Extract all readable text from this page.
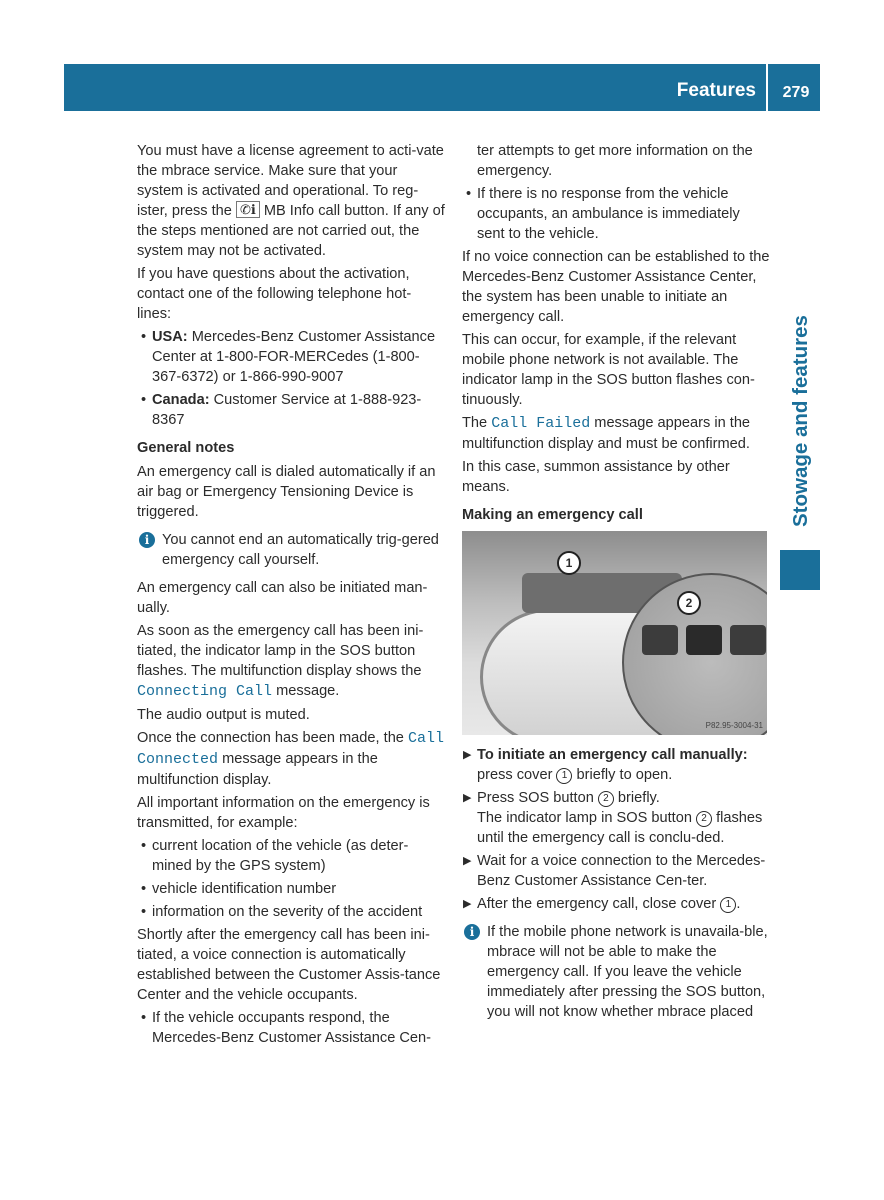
Features	279
Stowage and features

You must have a license agreement to acti-vate the mbrace service. Make sure that your system is activated and operational. To reg-ister, press the ✆ℹ MB Info call button. If any of the steps mentioned are not carried out, the system may not be activated.

If you have questions about the activation, contact one of the following telephone hot-lines:

• USA: Mercedes-Benz Customer Assistance Center at 1-800-FOR-MERCedes (1-800-367-6372) or 1-866-990-9007
• Canada: Customer Service at 1-888-923-8367

General notes

An emergency call is dialed automatically if an air bag or Emergency Tensioning Device is triggered.

i You cannot end an automatically trig-gered emergency call yourself.

An emergency call can also be initiated man-ually.

As soon as the emergency call has been ini-tiated, the indicator lamp in the SOS button flashes. The multifunction display shows the Connecting Call message.

The audio output is muted.

Once the connection has been made, the Call Connected message appears in the multifunction display.

All important information on the emergency is transmitted, for example:

• current location of the vehicle (as deter-mined by the GPS system)
• vehicle identification number
• information on the severity of the accident

Shortly after the emergency call has been ini-tiated, a voice connection is automatically established between the Customer Assis-tance Center and the vehicle occupants.

• If the vehicle occupants respond, the Mercedes-Benz Customer Assistance Cen-

ter attempts to get more information on the emergency.

• If there is no response from the vehicle occupants, an ambulance is immediately sent to the vehicle.

If no voice connection can be established to the Mercedes-Benz Customer Assistance Center, the system has been unable to initiate an emergency call.

This can occur, for example, if the relevant mobile phone network is not available. The indicator lamp in the SOS button flashes con-tinuously.

The Call Failed message appears in the multifunction display and must be confirmed.

In this case, summon assistance by other means.

Making an emergency call

1
2
P82.95-3004-31
▶ To initiate an emergency call manually:
press cover 1 briefly to open.
▶ Press SOS button 2 briefly.
The indicator lamp in SOS button 2 flashes until the emergency call is conclu-ded.
▶ Wait for a voice connection to the Mercedes-Benz Customer Assistance Cen-ter.
▶ After the emergency call, close cover 1 .
i If the mobile phone network is unavaila-ble, mbrace will not be able to make the emergency call. If you leave the vehicle immediately after pressing the SOS button, you will not know whether mbrace placed
